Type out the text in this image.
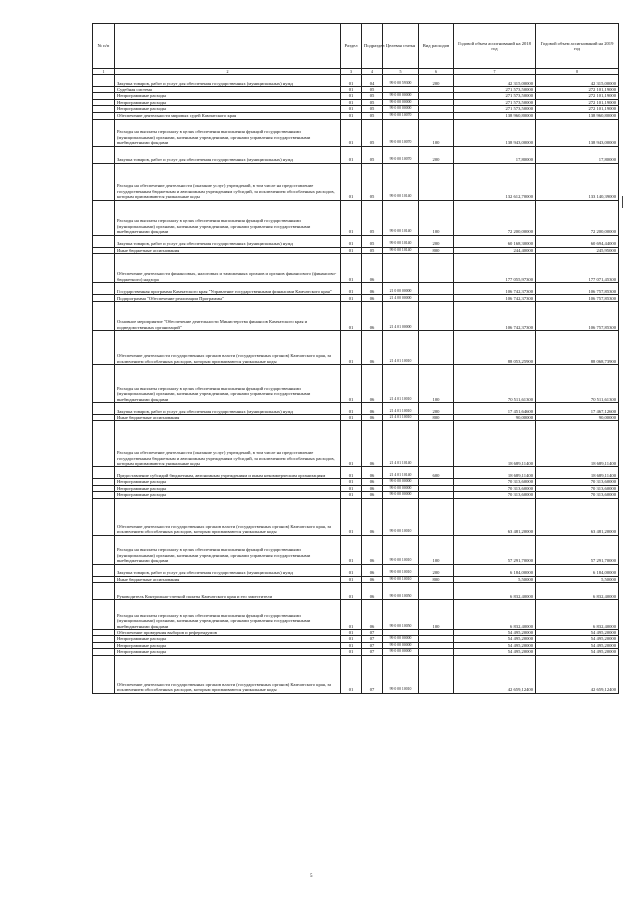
№ п/п		Раздел	Подраздел	Целевая статья	Вид расходов	Годовой объем ассигнований на 2018 год	Годовой объем ассигнований на 2019 год
1	2	3	4	5	6	7	8
	Закупка товаров, работ и услуг для обеспечения государственных (муниципальных) нужд	01	04	99 0 00 59300	200	42 315,00000	42 315,00000
	Судебная система	01	05			271 573,50000	272 101,19000
	Непрограммные расходы	01	05	99 0 00 00000		271 573,50000	272 101,19000
	Непрограммные расходы	01	05	99 0 00 00000		271 573,50000	272 101,19000
	Непрограммные расходы	01	05	99 0 00 00000		271 573,50000	272 101,19000
	Обеспечение деятельности мировых судей Камчатского края	01	05	99 0 00 10070		138 960,80000	138 960,80000
	Расходы на выплаты персоналу в целях обеспечения выполнения функций государственными (муниципальными) органами, казенными учреждениями, органами управления государственными внебюджетными фондами	01	05	99 0 00 10070	100	138 943,00000	138 943,00000
	Закупка товаров, работ и услуг для обеспечения государственных (муниципальных) нужд	01	05	99 0 00 10070	200	17,80000	17,80000
	Расходы на обеспечение деятельности (оказание услуг) учреждений, в том числе на предоставление государственным бюджетным и автономным учреждениям субсидий, за исключением обособленных расходов, которым присваиваются уникальные коды	01	05	99 0 00 10140		132 612,70000	133 140,39000
	Расходы на выплаты персоналу в целях обеспечения выполнения функций государственными (муниципальными) органами, казенными учреждениями, органами управления государственными внебюджетными фондами	01	05	99 0 00 10140	100	72 200,00000	72 200,00000
	Закупка товаров, работ и услуг для обеспечения государственных (муниципальных) нужд	01	05	99 0 00 10140	200	60 168,30000	60 694,44000
	Иные бюджетные ассигнования	01	05	99 0 00 10140	800	244,40000	245,95000
	Обеспечение деятельности финансовых, налоговых и таможенных органов и органов финансового (финансово-бюджетного) надзора	01	06			177 055,97300	177 071,45300
	Государственная программа Камчатского края "Управление государственными финансами Камчатского края"	01	06	21 0 00 00000		106 742,37300	106 757,85300
	Подпрограмма "Обеспечение реализации Программы"	01	06	21 4 00 00000		106 742,37300	106 757,85300
	Основное мероприятие "Обеспечение деятельности Министерства финансов Камчатского края и подведомственных организаций"	01	06	21 4 01 00000		106 742,37300	106 757,85300
	Обеспечение деятельности государственных органов власти (государственных органов) Камчатского края, за исключением обособленных расходов, которым присваиваются уникальные коды	01	06	21 4 01 10010		88 053,25900	88 068,73900
	Расходы на выплаты персоналу в целях обеспечения выполнения функций государственными (муниципальными) органами, казенными учреждениями, органами управления государственными внебюджетными фондами	01	06	21 4 01 10010	100	70 511,61300	70 511,61300
	Закупка товаров, работ и услуг для обеспечения государственных (муниципальных) нужд	01	06	21 4 01 10010	200	17 451,64600	17 467,12600
	Иные бюджетные ассигнования	01	06	21 4 01 10010	800	90,00000	90,00000
	Расходы на обеспечение деятельности (оказание услуг) учреждений, в том числе на предоставление государственным бюджетным и автономным учреждениям субсидий, за исключением обособленных расходов, которым присваиваются уникальные коды	01	06	21 4 01 10140		18 689,11400	18 689,11400
	Предоставление субсидий бюджетным, автономным учреждениям и иным некоммерческим организациям	01	06	21 4 01 10140	600	18 689,11400	18 689,11400
	Непрограммные расходы	01	06	99 0 00 00000		70 313,60000	70 313,60000
	Непрограммные расходы	01	06	99 0 00 00000		70 313,60000	70 313,60000
	Непрограммные расходы	01	06	99 0 00 00000		70 313,60000	70 313,60000
	Обеспечение деятельности государственных органов власти (государственных органов) Камчатского края, за исключением обособленных расходов, которым присваиваются уникальные коды	01	06	99 0 00 10010		63 481,20000	63 481,20000
	Расходы на выплаты персоналу в целях обеспечения выполнения функций государственными (муниципальными) органами, казенными учреждениями, органами управления государственными внебюджетными фондами	01	06	99 0 00 10010	100	57 291,70000	57 291,70000
	Закупка товаров, работ и услуг для обеспечения государственных (муниципальных) нужд	01	06	99 0 00 10010	200	6 184,00000	6 184,00000
	Иные бюджетные ассигнования	01	06	99 0 00 10010	800	5,50000	5,50000
	Руководитель Контрольно-счетной палаты Камчатского края и его заместители	01	06	99 0 00 10050		6 832,40000	6 832,40000
	Расходы на выплаты персоналу в целях обеспечения выполнения функций государственными (муниципальными) органами, казенными учреждениями, органами управления государственными внебюджетными фондами	01	06	99 0 00 10050	100	6 832,40000	6 832,40000
	Обеспечение проведения выборов и референдумов	01	07			54 495,20000	54 495,20000
	Непрограммные расходы	01	07	99 0 00 00000		54 495,20000	54 495,20000
	Непрограммные расходы	01	07	99 0 00 00000		54 495,20000	54 495,20000
	Непрограммные расходы	01	07	99 0 00 00000		54 495,20000	54 495,20000
	Обеспечение деятельности государственных органов власти (государственных органов) Камчатского края, за исключением обособленных расходов, которым присваиваются уникальные коды	01	07	99 0 00 10010		42 659,12400	42 659,12400
5
